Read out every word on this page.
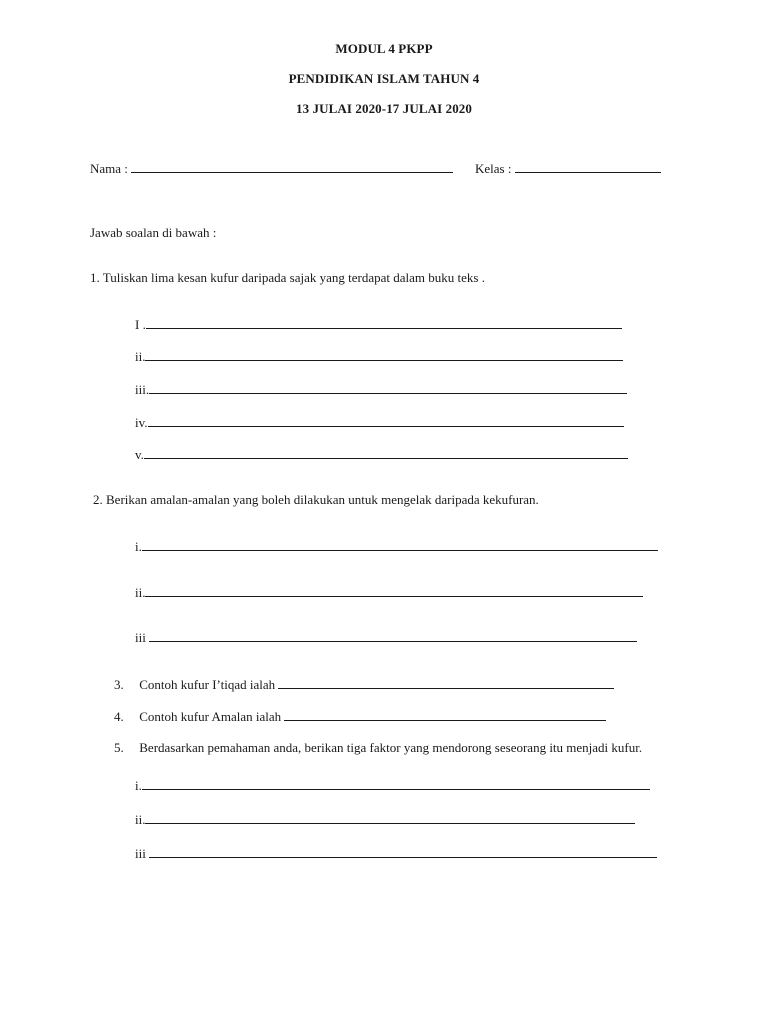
MODUL 4 PKPP
PENDIDIKAN ISLAM TAHUN 4
13 JULAI 2020-17 JULAI 2020
Nama :	Kelas :
Jawab soalan di bawah :
1. Tuliskan lima kesan kufur daripada sajak yang terdapat dalam buku teks .
I .
ii.
iii.
iv.
v.
2. Berikan amalan-amalan yang boleh dilakukan untuk mengelak daripada kekufuran.
i.
ii.
iii
3. Contoh kufur I’tiqad ialah
4. Contoh kufur Amalan ialah
5. Berdasarkan pemahaman anda, berikan tiga faktor yang mendorong seseorang itu menjadi kufur.
i.
ii.
iii
